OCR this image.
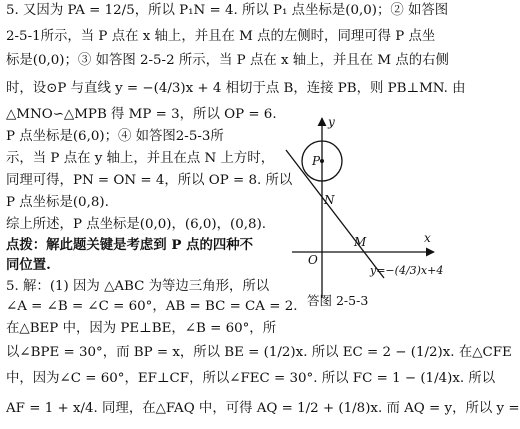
5. 又因为 PA = 12/5，所以 P₁N = 4. 所以 P₁ 点坐标是(0,0)；② 如答图
2-5-1所示，当 P 点在 x 轴上，并且在 M 点的左侧时，同理可得 P 点坐
标是(0,0)；③ 如答图 2-5-2 所示，当 P 点在 x 轴上，并且在 M 点的右侧
时，设⊙P 与直线 y = −(4/3)x + 4 相切于点 B，连接 PB，则 PB⊥MN. 由
△MNO∽△MPB 得 MP = 3，所以 OP = 6.
P 点坐标是(6,0)；④ 如答图2-5-3所
示，当 P 点在 y 轴上，并且在点 N 上方时，
同理可得，PN = ON = 4，所以 OP = 8. 所以
P 点坐标是(0,8).
综上所述，P 点坐标是(0,0)，(6,0)，(0,8).
点拨：解此题关键是考虑到 P 点的四种不
同位置.
5. 解：(1) 因为 △ABC 为等边三角形，所以
∠A = ∠B = ∠C = 60°，AB = BC = CA = 2.
在△BEP 中，因为 PE⊥BE，∠B = 60°，所
以∠BPE = 30°，而 BP = x，所以 BE = (1/2)x. 所以 EC = 2 − (1/2)x. 在△CFE
中，因为∠C = 60°，EF⊥CF，所以∠FEC = 30°. 所以 FC = 1 − (1/4)x. 所以
AF = 1 + x/4. 同理，在△FAQ 中，可得 AQ = 1/2 + (1/8)x. 而 AQ = y，所以 y =
y
x
O
P
N
M
y=−(4/3)x+4
答图 2-5-3
